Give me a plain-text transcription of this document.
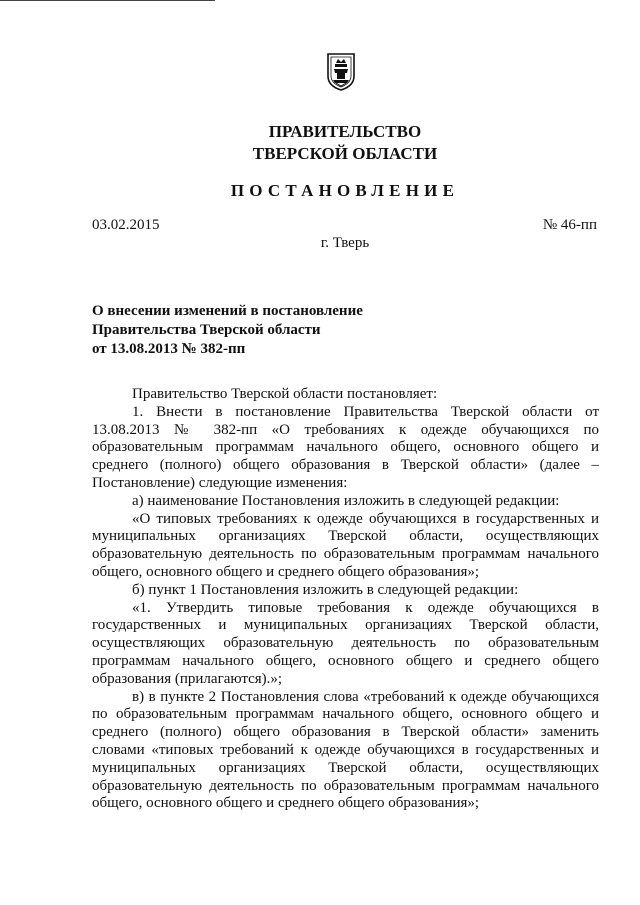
ПРАВИТЕЛЬСТВО
ТВЕРСКОЙ ОБЛАСТИ
ПОСТАНОВЛЕНИЕ
03.02.2015	№ 46-пп
г. Тверь
О внесении изменений в постановление
Правительства Тверской области
от 13.08.2013 № 382-пп

Правительство Тверской области постановляет:

1. Внести в постановление Правительства Тверской области от 13.08.2013 № 382-пп «О требованиях к одежде обучающихся по образовательным программам начального общего, основного общего и среднего (полного) общего образования в Тверской области» (далее – Постановление) следующие изменения:

а) наименование Постановления изложить в следующей редакции:

«О типовых требованиях к одежде обучающихся в государственных и муниципальных организациях Тверской области, осуществляющих образовательную деятельность по образовательным программам начального общего, основного общего и среднего общего образования»;

б) пункт 1 Постановления изложить в следующей редакции:

«1. Утвердить типовые требования к одежде обучающихся в государственных и муниципальных организациях Тверской области, осуществляющих образовательную деятельность по образовательным программам начального общего, основного общего и среднего общего образования (прилагаются).»;

в) в пункте 2 Постановления слова «требований к одежде обучающихся по образовательным программам начального общего, основного общего и среднего (полного) общего образования в Тверской области» заменить словами «типовых требований к одежде обучающихся в государственных и муниципальных организациях Тверской области, осуществляющих образовательную деятельность по образовательным программам начального общего, основного общего и среднего общего образования»;
